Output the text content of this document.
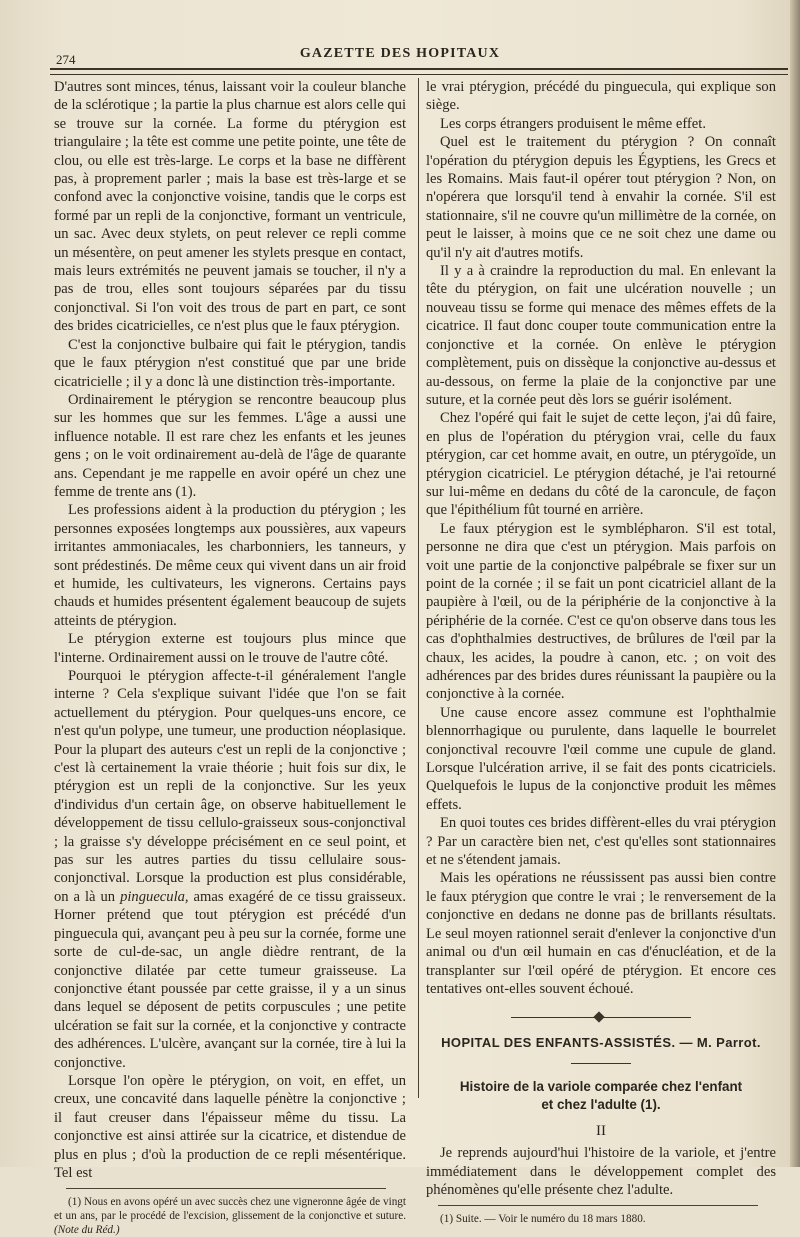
274	GAZETTE DES HOPITAUX

D'autres sont minces, ténus, laissant voir la couleur blanche de la sclérotique ; la partie la plus charnue est alors celle qui se trouve sur la cornée. La forme du ptérygion est triangulaire ; la tête est comme une petite pointe, une tête de clou, ou elle est très-large. Le corps et la base ne diffèrent pas, à proprement parler ; mais la base est très-large et se confond avec la conjonctive voisine, tandis que le corps est formé par un repli de la conjonctive, formant un ventricule, un sac. Avec deux stylets, on peut relever ce repli comme un mésentère, on peut amener les stylets presque en contact, mais leurs extrémités ne peuvent jamais se toucher, il n'y a pas de trou, elles sont toujours séparées par du tissu conjonctival. Si l'on voit des trous de part en part, ce sont des brides cicatricielles, ce n'est plus que le faux ptérygion.

C'est la conjonctive bulbaire qui fait le ptérygion, tandis que le faux ptérygion n'est constitué que par une bride cicatricielle ; il y a donc là une distinction très-importante.

Ordinairement le ptérygion se rencontre beaucoup plus sur les hommes que sur les femmes. L'âge a aussi une influence notable. Il est rare chez les enfants et les jeunes gens ; on le voit ordinairement au-delà de l'âge de quarante ans. Cependant je me rappelle en avoir opéré un chez une femme de trente ans (1).

Les professions aident à la production du ptérygion ; les personnes exposées longtemps aux poussières, aux vapeurs irritantes ammoniacales, les charbonniers, les tanneurs, y sont prédestinés. De même ceux qui vivent dans un air froid et humide, les cultivateurs, les vignerons. Certains pays chauds et humides présentent également beaucoup de sujets atteints de ptérygion.

Le ptérygion externe est toujours plus mince que l'interne. Ordinairement aussi on le trouve de l'autre côté.

Pourquoi le ptérygion affecte-t-il généralement l'angle interne ? Cela s'explique suivant l'idée que l'on se fait actuellement du ptérygion. Pour quelques-uns encore, ce n'est qu'un polype, une tumeur, une production néoplasique. Pour la plupart des auteurs c'est un repli de la conjonctive ; c'est là certainement la vraie théorie ; huit fois sur dix, le ptérygion est un repli de la conjonctive. Sur les yeux d'individus d'un certain âge, on observe habituellement le développement de tissu cellulo-graisseux sous-conjonctival ; la graisse s'y développe précisément en ce seul point, et pas sur les autres parties du tissu cellulaire sous-conjonctival. Lorsque la production est plus considérable, on a là un pinguecula, amas exagéré de ce tissu graisseux. Horner prétend que tout ptérygion est précédé d'un pinguecula qui, avançant peu à peu sur la cornée, forme une sorte de cul-de-sac, un angle dièdre rentrant, de la conjonctive dilatée par cette tumeur graisseuse. La conjonctive étant poussée par cette graisse, il y a un sinus dans lequel se déposent de petits corpuscules ; une petite ulcération se fait sur la cornée, et la conjonctive y contracte des adhérences. L'ulcère, avançant sur la cornée, tire à lui la conjonctive.

Lorsque l'on opère le ptérygion, on voit, en effet, un creux, une concavité dans laquelle pénètre la conjonctive ; il faut creuser dans l'épaisseur même du tissu. La conjonctive est ainsi attirée sur la cicatrice, et distendue de plus en plus ; d'où la production de ce repli mésentérique. Tel est

(1) Nous en avons opéré un avec succès chez une vigneronne âgée de vingt et un ans, par le procédé de l'excision, glissement de la conjonctive et suture. (Note du Réd.)

le vrai ptérygion, précédé du pinguecula, qui explique son siège.

Les corps étrangers produisent le même effet.

Quel est le traitement du ptérygion ? On connaît l'opération du ptérygion depuis les Égyptiens, les Grecs et les Romains. Mais faut-il opérer tout ptérygion ? Non, on n'opérera que lorsqu'il tend à envahir la cornée. S'il est stationnaire, s'il ne couvre qu'un millimètre de la cornée, on peut le laisser, à moins que ce ne soit chez une dame ou qu'il n'y ait d'autres motifs.

Il y a à craindre la reproduction du mal. En enlevant la tête du ptérygion, on fait une ulcération nouvelle ; un nouveau tissu se forme qui menace des mêmes effets de la cicatrice. Il faut donc couper toute communication entre la conjonctive et la cornée. On enlève le ptérygion complètement, puis on dissèque la conjonctive au-dessus et au-dessous, on ferme la plaie de la conjonctive par une suture, et la cornée peut dès lors se guérir isolément.

Chez l'opéré qui fait le sujet de cette leçon, j'ai dû faire, en plus de l'opération du ptérygion vrai, celle du faux ptérygion, car cet homme avait, en outre, un ptérygoïde, un ptérygion cicatriciel. Le ptérygion détaché, je l'ai retourné sur lui-même en dedans du côté de la caroncule, de façon que l'épithélium fût tourné en arrière.

Le faux ptérygion est le symblépharon. S'il est total, personne ne dira que c'est un ptérygion. Mais parfois on voit une partie de la conjonctive palpébrale se fixer sur un point de la cornée ; il se fait un pont cicatriciel allant de la paupière à l'œil, ou de la périphérie de la conjonctive à la périphérie de la cornée. C'est ce qu'on observe dans tous les cas d'ophthalmies destructives, de brûlures de l'œil par la chaux, les acides, la poudre à canon, etc. ; on voit des adhérences par des brides dures réunissant la paupière ou la conjonctive à la cornée.

Une cause encore assez commune est l'ophthalmie blennorrhagique ou purulente, dans laquelle le bourrelet conjonctival recouvre l'œil comme une cupule de gland. Lorsque l'ulcération arrive, il se fait des ponts cicatriciels. Quelquefois le lupus de la conjonctive produit les mêmes effets.

En quoi toutes ces brides diffèrent-elles du vrai ptérygion ? Par un caractère bien net, c'est qu'elles sont stationnaires et ne s'étendent jamais.

Mais les opérations ne réussissent pas aussi bien contre le faux ptérygion que contre le vrai ; le renversement de la conjonctive en dedans ne donne pas de brillants résultats. Le seul moyen rationnel serait d'enlever la conjonctive d'un animal ou d'un œil humain en cas d'énucléation, et de la transplanter sur l'œil opéré de ptérygion. Et encore ces tentatives ont-elles souvent échoué.

HOPITAL DES ENFANTS-ASSISTÉS. — M. Parrot.
Histoire de la variole comparée chez l'enfant
et chez l'adulte (1).
II

Je reprends aujourd'hui l'histoire de la variole, et j'entre immédiatement dans le développement complet des phénomènes qu'elle présente chez l'adulte.

(1) Suite. — Voir le numéro du 18 mars 1880.
